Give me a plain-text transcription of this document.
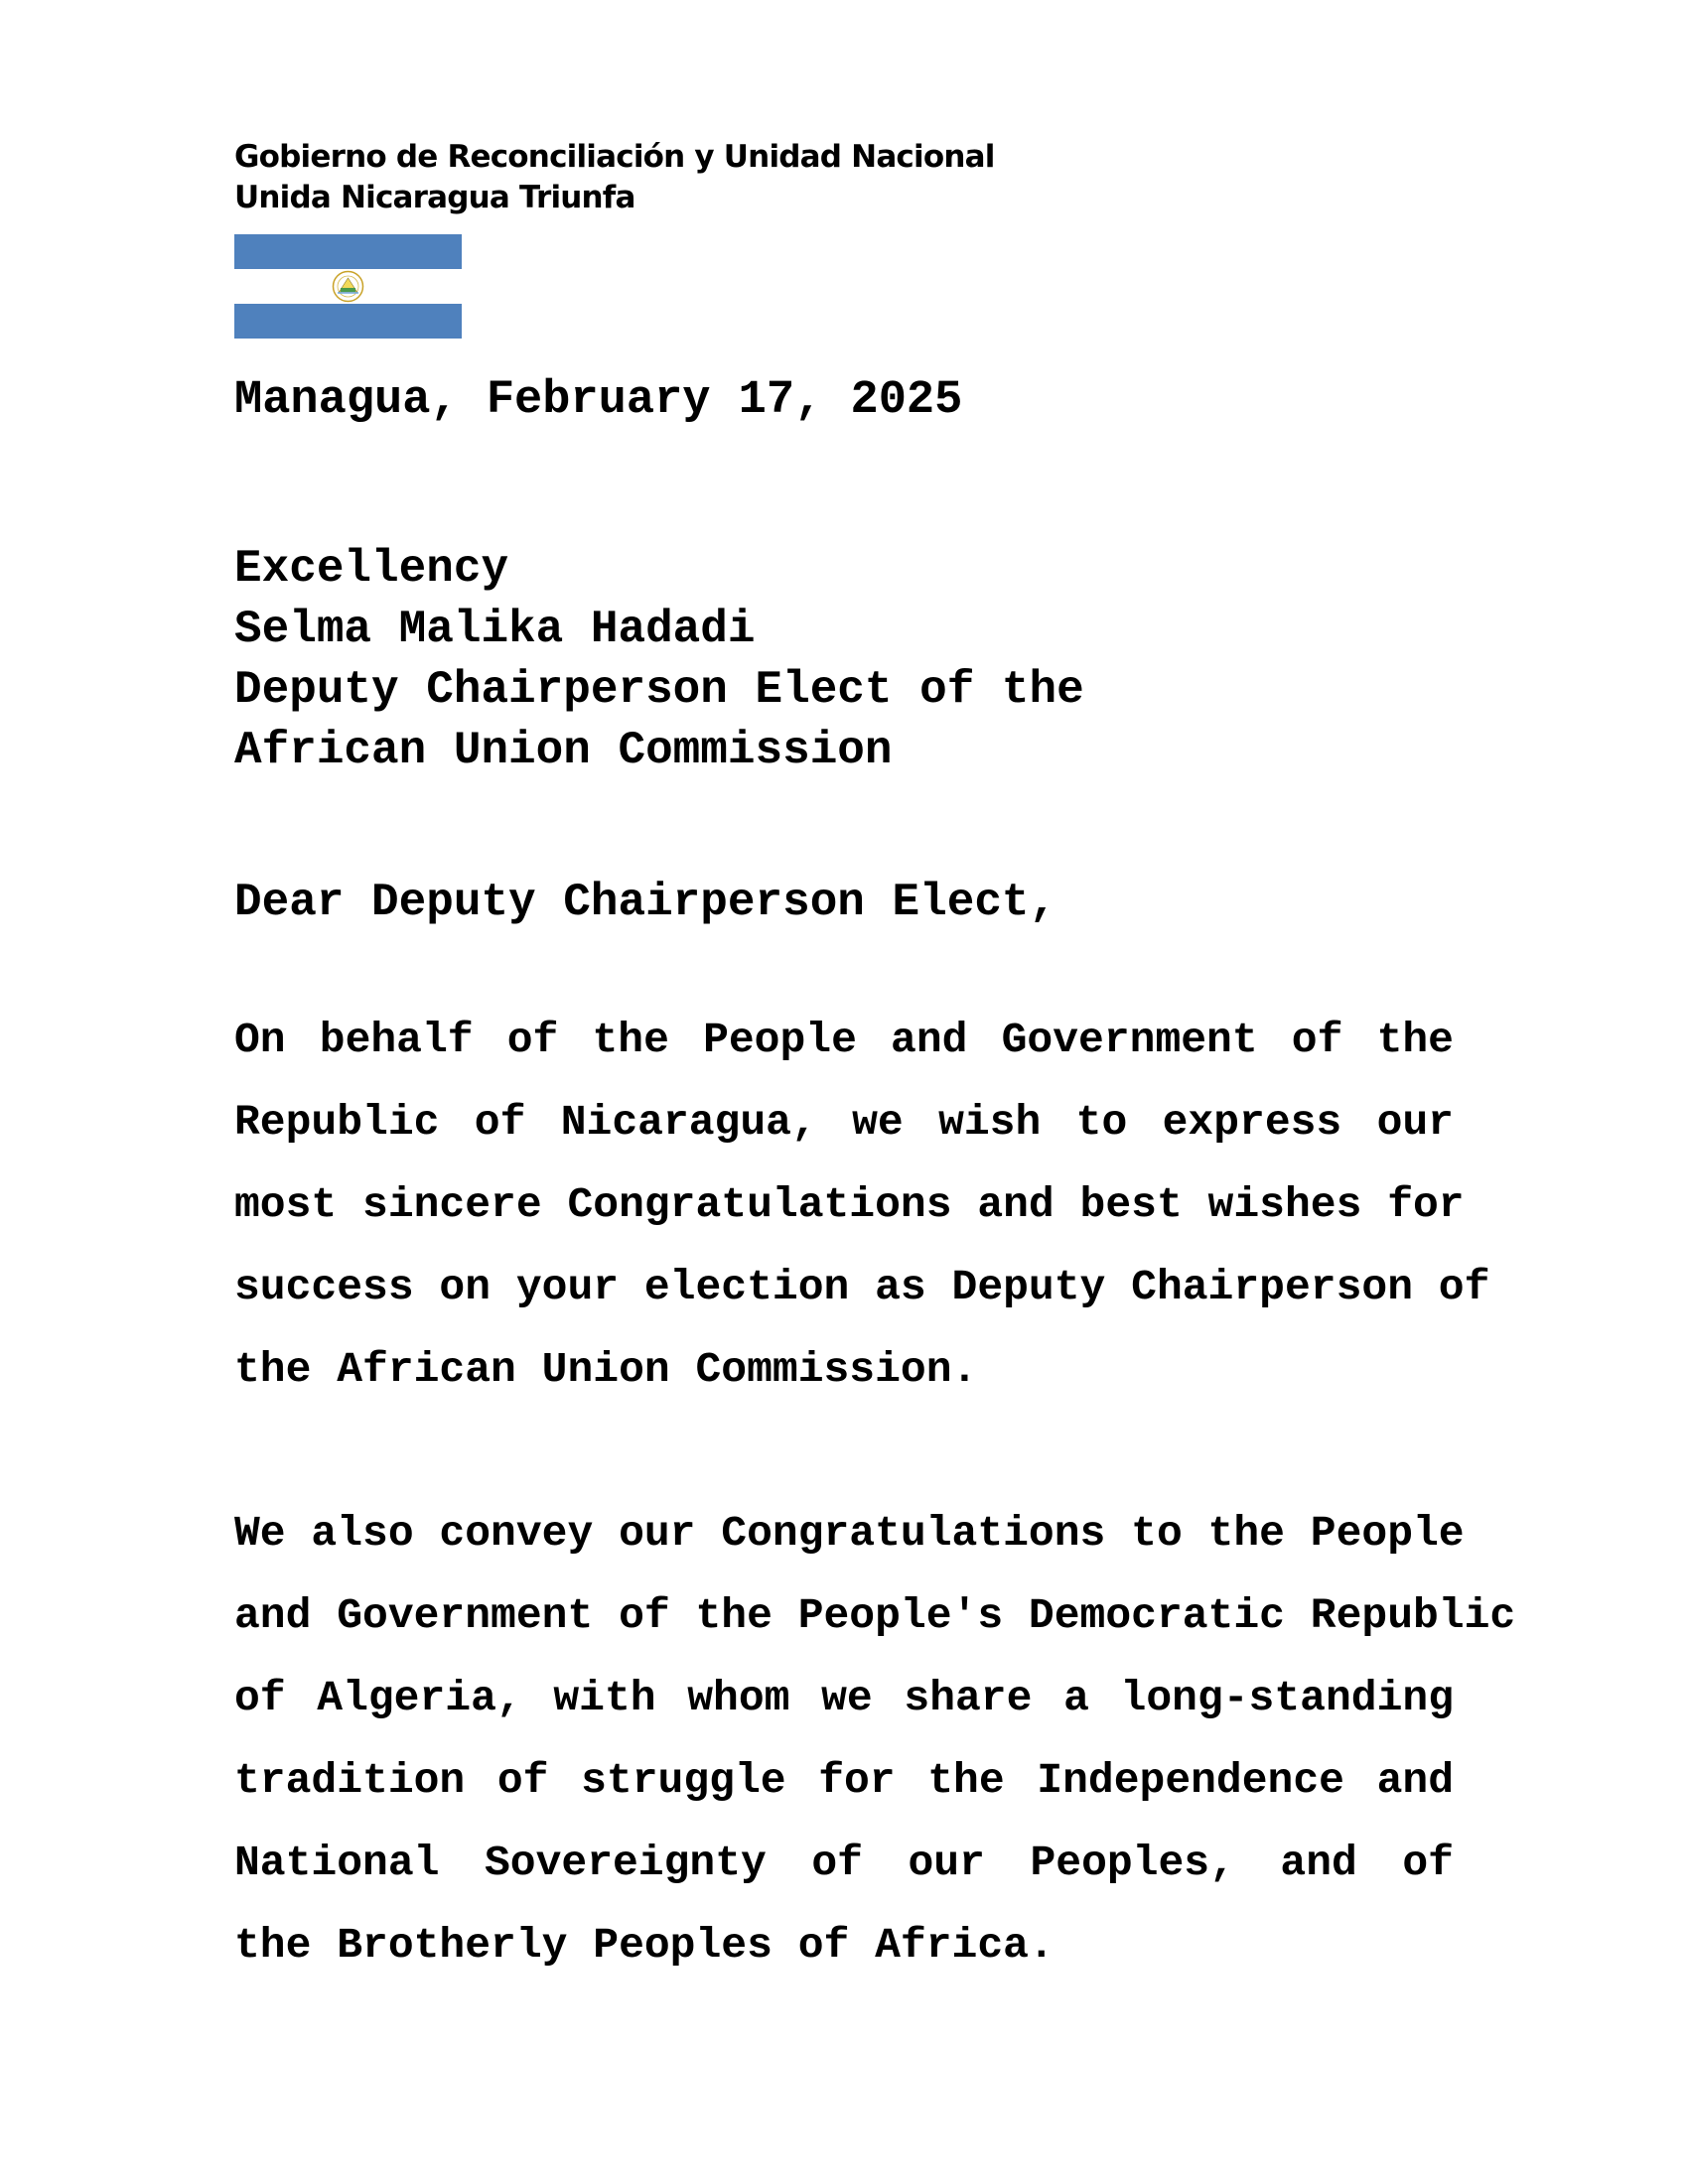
Gobierno de Reconciliación y Unidad Nacional
Unida Nicaragua Triunfa
Managua, February 17, 2025
Excellency
Selma Malika Hadadi
Deputy Chairperson Elect of the
African Union Commission
Dear Deputy Chairperson Elect,
On behalf of the People and Government of the
Republic of Nicaragua, we wish to express our
most sincere Congratulations and best wishes for
success on your election as Deputy Chairperson of
the African Union Commission.
We also convey our Congratulations to the People
and Government of the People's Democratic Republic
of Algeria, with whom we share a long-standing
tradition of struggle for the Independence and
National Sovereignty of our Peoples, and of
the Brotherly Peoples of Africa.
